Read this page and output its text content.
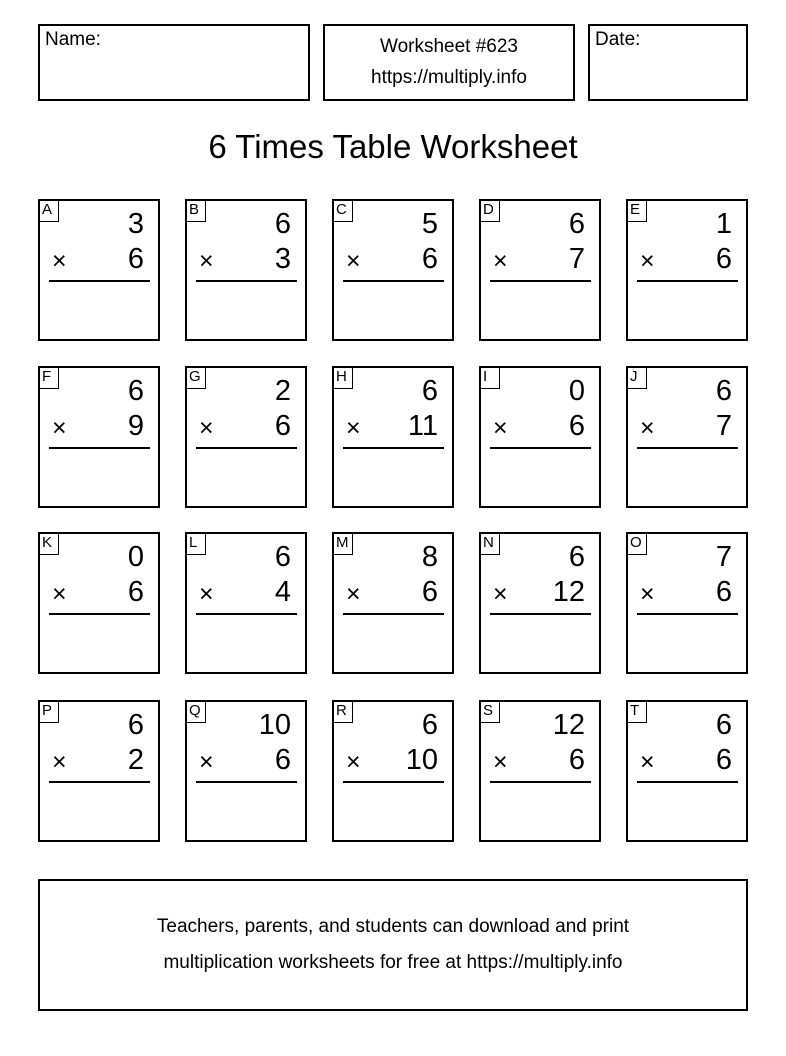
Name:	Worksheet #623
https://multiply.info
Date:
6 Times Table Worksheet
A	3
× 6
B	6
× 3
C	5
× 6
D	6
× 7
E	1
× 6
F	6
× 9
G	2
× 6
H	6
× 11
I	0
× 6
J	6
× 7
K	0
× 6
L	6
× 4
M	8
× 6
N	6
× 12
O	7
× 6
P	6
× 2
Q 10
× 6
R	6
× 10
S 12
× 6
T	6
× 6
Teachers, parents, and students can download and print
multiplication worksheets for free at https://multiply.info
